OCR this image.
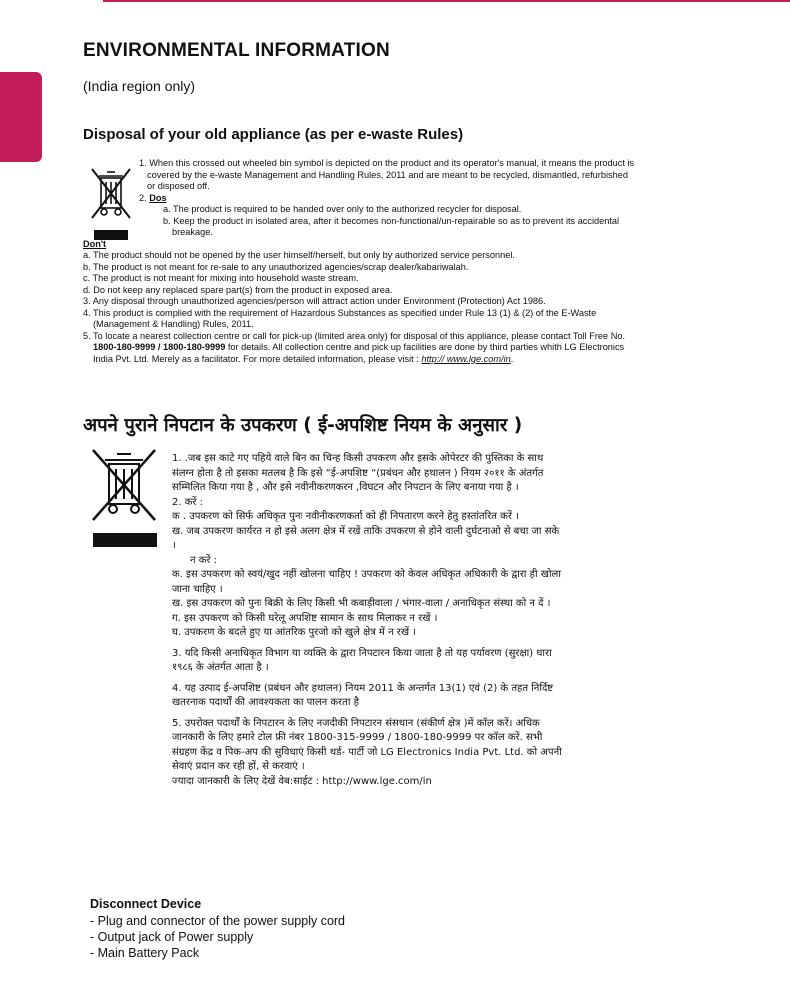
ENVIRONMENTAL INFORMATION

(India region only)

Disposal of your old appliance (as per e-waste Rules)

1. When this crossed out wheeled bin symbol is depicted on the product and its operator's manual, it means the product is covered by the e-waste Management and Handling Rules, 2011 and are meant to be recycled, dismantled, refurbished or disposed off.

2. Dos

a. The product is required to be handed over only to the authorized recycler for disposal.

b. Keep the product in isolated area, after it becomes non-functional/un-repairable so as to prevent its accidental breakage.

Don't

a. The product should not be opened by the user himself/herself, but only by authorized service personnel.

b. The product is not meant for re-sale to any unauthorized agencies/scrap dealer/kabariwalah.

c. The product is not meant for mixing into household waste stream.

d. Do not keep any replaced spare part(s) from the product in exposed area.

3. Any disposal through unauthorized agencies/person will attract action under Environment (Protection) Act 1986.

4. This product is complied with the requirement of Hazardous Substances as specified under Rule 13 (1) & (2) of the E-Waste (Management & Handling) Rules, 2011.

5. To locate a nearest collection centre or call for pick-up (limited area only) for disposal of this appliance, please contact Toll Free No. 1800-180-9999 / 1800-180-9999 for details. All collection centre and pick up facilities are done by third parties whith LG Electronics India Pvt. Ltd. Merely as a facilitator. For more detailed information, please visit : http:// www.lge.com/in.

अपने पुराने निपटान के उपकरण ( ई-अपशिष्ट नियम के अनुसार )

1. .जब इस काटे गए पहिये वाले बिन का चिन्ह किसी उपकरण और इसके ओपेरटर की पुस्तिका के साथ संलग्न होता है तो इसका मतलब है कि इसे “ई-अपशिष्ट “(प्रबंधन और हथालन ) नियम २०११ के अंतर्गत सम्मिलित किया गया है , और इसे नवीनीकरणकरन ,विघटन और निपटान के लिए बनाया गया है ।

2. करें :

क . उपकरण को सिर्फ अधिकृत पुनः नवीनीकरणकर्ता को ही निपतारण करने हेतु हस्तांतरित करें ।

ख. जब उपकरण कार्यरत न हो इसे अलग क्षेत्र में रखें ताकि उपकरण से होने वाली दुर्घटनाओ से बचा जा सके ।

न करें :

क. इस उपकरण को स्वयं/खुद नहीं खोलना चाहिए ! उपकरण को केवल अधिकृत अधिकारी के द्वारा ही खोला जाना चाहिए ।

ख. इस उपकरण को पुनः बिक्री के लिए किसी भी कबाड़ीवाला / भंगार-वाला / अनाधिकृत संस्था को न दें ।

ग. इस उपकरण को किसी घरेलू अपशिष्ट सामान के साथ मिलाकर न रखें ।

घ. उपकरण के बदले हुए या आंतरिक पुरजो को खुले क्षेत्र में न रखें ।

3. यदि किसी अनाधिकृत विभाग या व्यक्ति के द्वारा निपटारन किया जाता है तो यह पर्यावरण (सुरक्षा) धारा १९८६ के अंतर्गत आता है ।

4. यह उत्पाद ई-अपशिष्ट (प्रबंधन और हथालन) नियम 2011 के अन्तर्गत 13(1) एवं (2) के तहत निर्दिष्ट खतरनाक पदार्थों की आवश्यकता का पालन करता है

5. उपरोक्त पदार्थों के निपटारन के लिए नजदीकी निपटारन संसथान (संकीर्ण क्षेत्र )में कॉल करें। अधिक जानकारी के लिए हमारे टोल फ्री नंबर 1800-315-9999 / 1800-180-9999 पर कॉल करें. सभी संग्रहण केंद्र व पिक-अप की सुविधाएं किसी थर्ड- पार्टी जो LG Electronics India Pvt. Ltd. को अपनी सेवाएं प्रदान कर रही हों, से करवाएं ।

ज्यादा जानकारी के लिए देखें वेब:साईट : http://www.lge.com/in

Disconnect Device
- Plug and connector of the power supply cord
- Output jack of Power supply
- Main Battery Pack
